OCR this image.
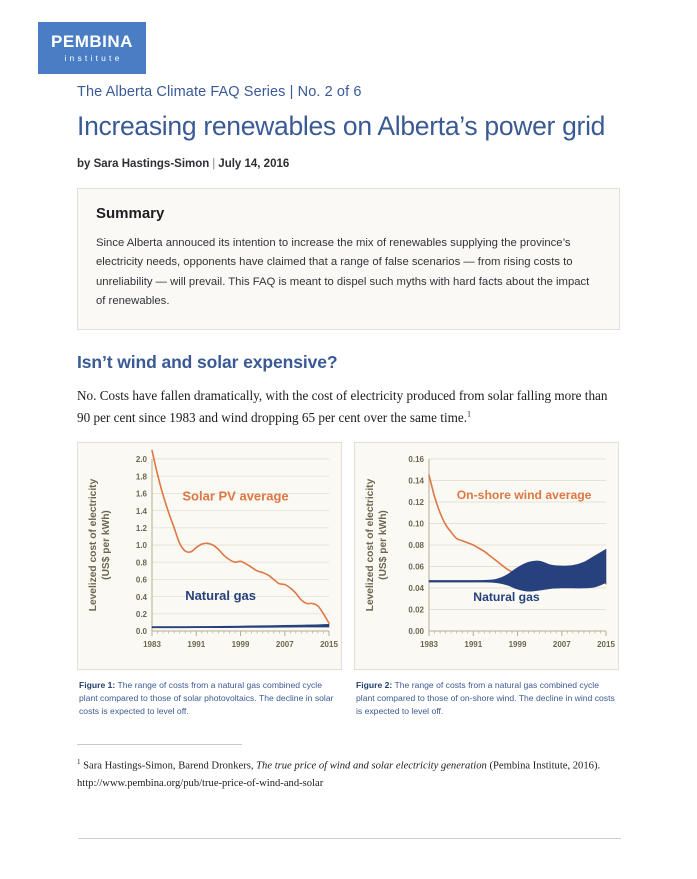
PEMBINA
institute

The Alberta Climate FAQ Series | No. 2 of 6

Increasing renewables on Alberta’s power grid

by Sara Hastings-Simon | July 14, 2016

Summary

Since Alberta annouced its intention to increase the mix of renewables supplying the province’s electricity needs, opponents have claimed that a range of false scenarios — from rising costs to unreliability — will prevail. This FAQ is meant to dispel such myths with hard facts about the impact of renewables.

Isn’t wind and solar expensive?

No. Costs have fallen dramatically, with the cost of electricity produced from solar falling more than 90 per cent since 1983 and wind dropping 65 per cent over the same time.$^1$

0.0
0.2
0.4
0.6
0.8
1.0
1.2
1.4
1.6
1.8
2.0
1983	1991	1999	2007	2015
Solar PV average
Natural gas
Levelized cost of electricity (US$ per kWh)

Figure 1: The range of costs from a natural gas combined cycle plant compared to those of solar photovoltaics. The decline in solar costs is expected to level off.

0.00
0.02
0.04
0.06
0.08
0.10
0.12
0.14
0.16
1983	1991	1999	2007	2015
On-shore wind average
Natural gas
Levelized cost of electricity (US$ per kWh)

Figure 2: The range of costs from a natural gas combined cycle plant compared to those of on-shore wind. The decline in wind costs is expected to level off.

$^1$ Sara Hastings-Simon, Barend Dronkers, The true price of wind and solar electricity generation (Pembina Institute, 2016). http://www.pembina.org/pub/true-price-of-wind-and-solar
